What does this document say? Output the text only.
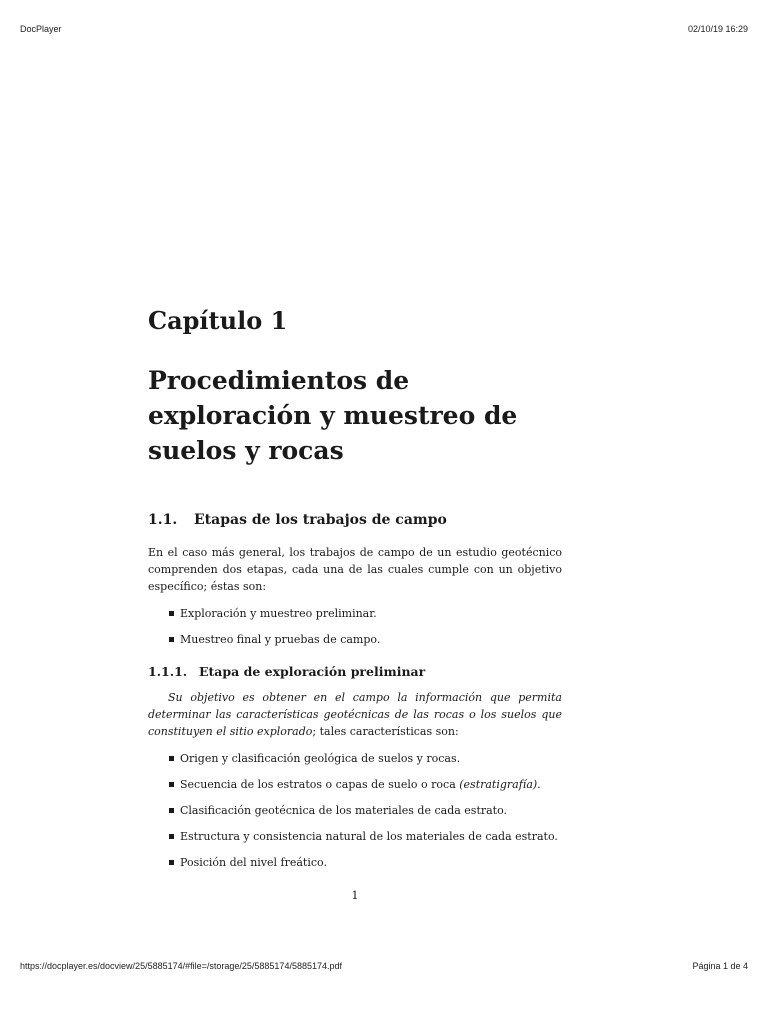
DocPlayer	02/10/19 16:29
Capítulo 1
Procedimientos de exploración y muestreo de suelos y rocas
1.1. Etapas de los trabajos de campo
En el caso más general, los trabajos de campo de un estudio geotécnico comprenden dos etapas, cada una de las cuales cumple con un objetivo específico; éstas son:
Exploración y muestreo preliminar.
Muestreo final y pruebas de campo.
1.1.1. Etapa de exploración preliminar
Su objetivo es obtener en el campo la información que permita determinar las características geotécnicas de las rocas o los suelos que constituyen el sitio explorado; tales características son:
Origen y clasificación geológica de suelos y rocas.
Secuencia de los estratos o capas de suelo o roca (estratigrafía).
Clasificación geotécnica de los materiales de cada estrato.
Estructura y consistencia natural de los materiales de cada estrato.
Posición del nivel freático.
1
https://docplayer.es/docview/25/5885174/#file=/storage/25/5885174/5885174.pdf	Página 1 de 4
